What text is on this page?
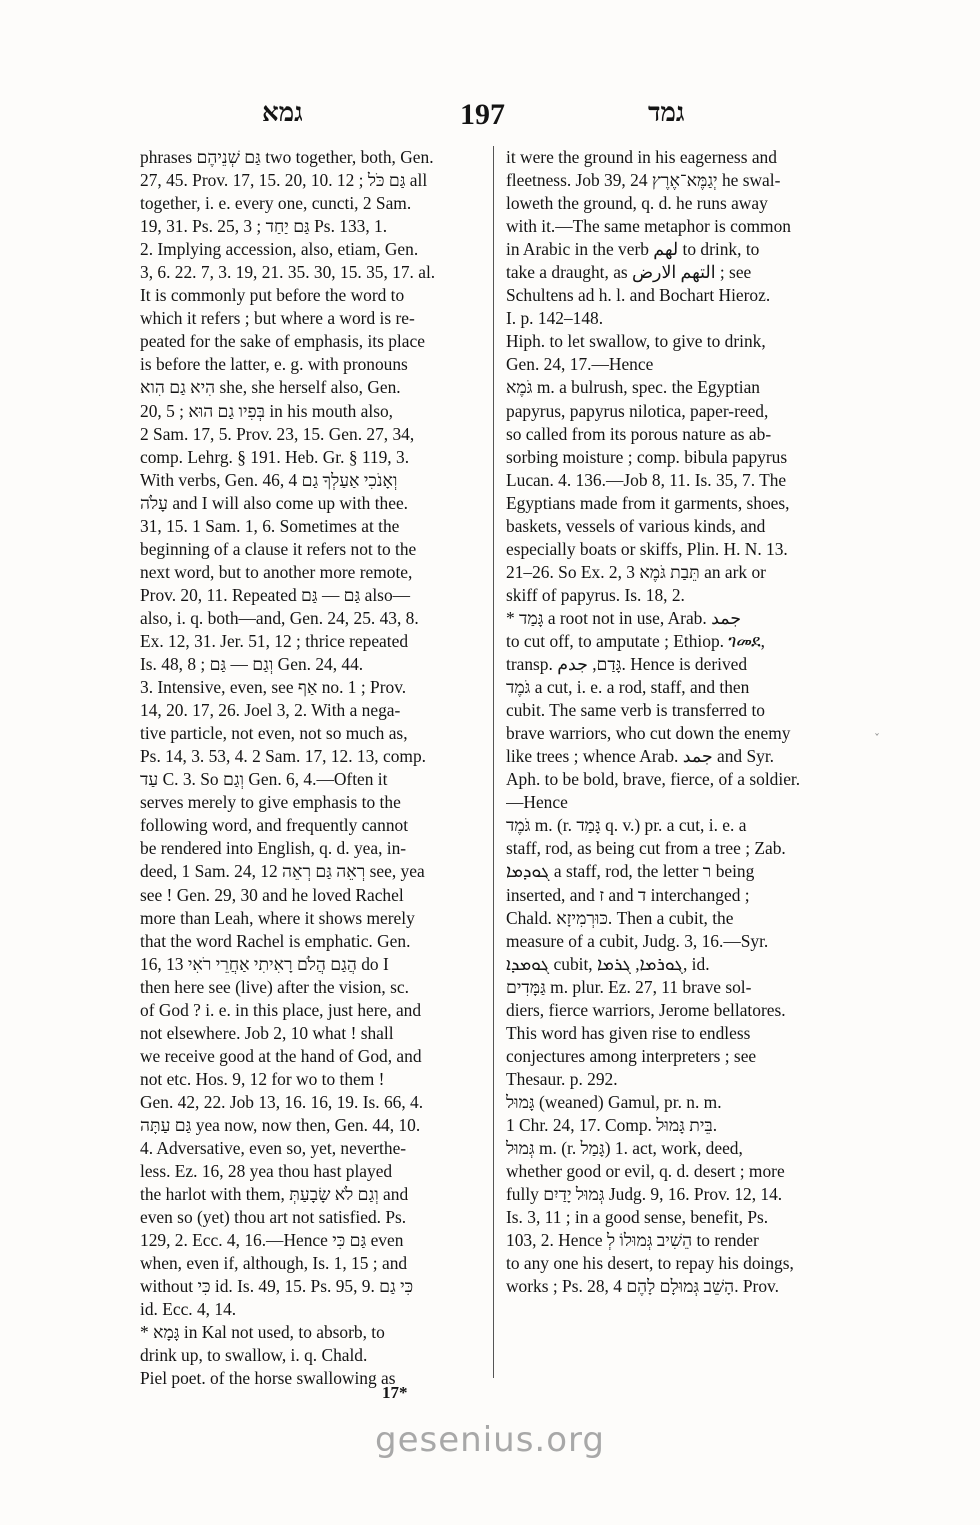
גמא	197	גמד
phrases גַּם שְׁנֵיהֶם two together, both, Gen.
27, 45. Prov. 17, 15. 20, 10. 12 ; גַּם כֹּל all
together, i. e. every one, cuncti, 2 Sam.
19, 31. Ps. 25, 3 ; גַּם יַחַד Ps. 133, 1.
2. Implying accession, also, etiam, Gen.
3, 6. 22. 7, 3. 19, 21. 35. 30, 15. 35, 17. al.
It is commonly put before the word to
which it refers ; but where a word is re-
peated for the sake of emphasis, its place
is before the latter, e. g. with pronouns
הִיא גַם הִוא she, she herself also, Gen.
20, 5 ; בְּפִיו גַם הוּא in his mouth also,
2 Sam. 17, 5. Prov. 23, 15. Gen. 27, 34,
comp. Lehrg. § 191. Heb. Gr. § 119, 3.
With verbs, Gen. 46, 4 וְאָנֹכִי אַעַלְךָ גַם
עָלֹה and I will also come up with thee.
31, 15. 1 Sam. 1, 6. Sometimes at the
beginning of a clause it refers not to the
next word, but to another more remote,
Prov. 20, 11. Repeated גַּם — גַּם also—
also, i. q. both—and, Gen. 24, 25. 43, 8.
Ex. 12, 31. Jer. 51, 12 ; thrice repeated
Is. 48, 8 ; וְגַם — גַּם Gen. 24, 44.
3. Intensive, even, see אַף no. 1 ; Prov.
14, 20. 17, 26. Joel 3, 2. With a nega-
tive particle, not even, not so much as,
Ps. 14, 3. 53, 4. 2 Sam. 17, 12. 13, comp.
עַד C. 3. So וְגַם Gen. 6, 4.—Often it
serves merely to give emphasis to the
following word, and frequently cannot
be rendered into English, q. d. yea, in-
deed, 1 Sam. 24, 12 רְאֵה גַּם רְאֵה see, yea
see ! Gen. 29, 30 and he loved Rachel
more than Leah, where it shows merely
that the word Rachel is emphatic. Gen.
16, 13 הֲגַם הֲלֹם רָאִיתִי אַחֲרֵי רֹאִי do I
then here see (live) after the vision, sc.
of God ? i. e. in this place, just here, and
not elsewhere. Job 2, 10 what ! shall
we receive good at the hand of God, and
not etc. Hos. 9, 12 for wo to them !
Gen. 42, 22. Job 13, 16. 16, 19. Is. 66, 4.
גַּם עַתָּה yea now, now then, Gen. 44, 10.
4. Adversative, even so, yet, neverthe-
less. Ez. 16, 28 yea thou hast played
the harlot with them, וְגַם לֹא שָׂבָעַתְּ and
even so (yet) thou art not satisfied. Ps.
129, 2. Ecc. 4, 16.—Hence גַּם כִּי even
when, even if, although, Is. 1, 15 ; and
without כִּי id. Is. 49, 15. Ps. 95, 9. כִּי גַם
id. Ecc. 4, 14.
* גָּמָא in Kal not used, to absorb, to
drink up, to swallow, i. q. Chald.
Piel poet. of the horse swallowing as
it were the ground in his eagerness and
fleetness. Job 39, 24 יְגַמֶּא־אֶרֶץ he swal-
loweth the ground, q. d. he runs away
with it.—The same metaphor is common
in Arabic in the verb لهم to drink, to
take a draught, as التهم الارض ; see
Schultens ad h. l. and Bochart Hieroz.
I. p. 142–148.
Hiph. to let swallow, to give to drink,
Gen. 24, 17.—Hence
גֹּמֶא m. a bulrush, spec. the Egyptian
papyrus, papyrus nilotica, paper-reed,
so called from its porous nature as ab-
sorbing moisture ; comp. bibula papyrus
Lucan. 4. 136.—Job 8, 11. Is. 35, 7. The
Egyptians made from it garments, shoes,
baskets, vessels of various kinds, and
especially boats or skiffs, Plin. H. N. 13.
21–26. So Ex. 2, 3 תֵּבַת גֹּמֶא an ark or
skiff of papyrus. Is. 18, 2.
* גָּמַד a root not in use, Arab. جمد
to cut off, to amputate ; Ethiop. ገመደ,
transp. גָּדַם, جدم. Hence is derived
גֹּמֶד a cut, i. e. a rod, staff, and then
cubit. The same verb is transferred to
brave warriors, who cut down the enemy
like trees ; whence Arab. جمد and Syr.
Aph. to be bold, brave, fierce, of a soldier.
—Hence
גֹּמֶד m. (r. גָּמַד q. v.) pr. a cut, i. e. a
staff, rod, as being cut from a tree ; Zab.
ܓܘܕܡܐ a staff, rod, the letter ר being
inserted, and ז and ד interchanged ;
Chald. כּוּרְמִיזָא. Then a cubit, the
measure of a cubit, Judg. 3, 16.—Syr.
ܓܘܡܕܐ cubit, ܓܘܪܡܐ, ܓܪܡܐ, id.
גַּמָּדִים m. plur. Ez. 27, 11 brave sol-
diers, fierce warriors, Jerome bellatores.
This word has given rise to endless
conjectures among interpreters ; see
Thesaur. p. 292.
גָּמוּל (weaned) Gamul, pr. n. m.
1 Chr. 24, 17. Comp. בֵּית גָּמוּל.
גְּמוּל m. (r. גָּמַל) 1. act, work, deed,
whether good or evil, q. d. desert ; more
fully גְּמוּל יָדַיִם Judg. 9, 16. Prov. 12, 14.
Is. 3, 11 ; in a good sense, benefit, Ps.
103, 2. Hence הֵשִׁיב גְּמוּלוֹ לְ to render
to any one his desert, to repay his doings,
works ; Ps. 28, 4 הָשֵׁב גְּמוּלָם לָהֶם. Prov.
ˇ
17*
gesenius.org
